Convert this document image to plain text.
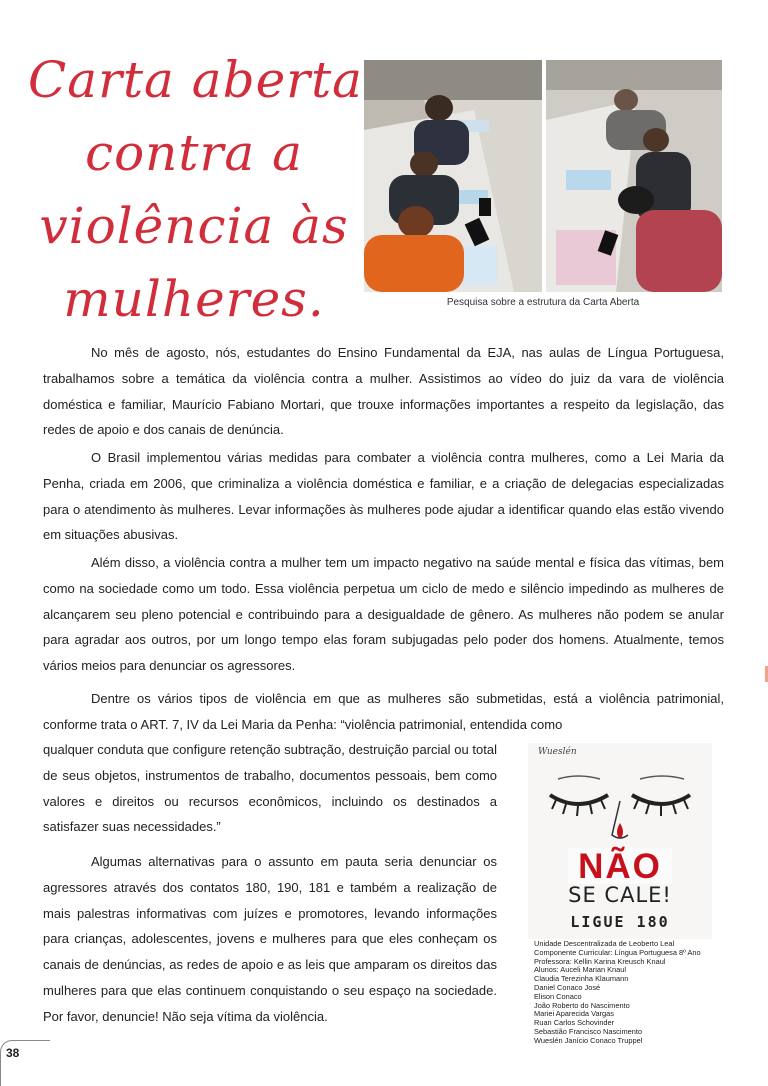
Carta aberta
contra a
violência às
mulheres.	Pesquisa sobre a estrutura da Carta Aberta

No mês de agosto, nós, estudantes do Ensino Fundamental da EJA, nas aulas de Língua Portuguesa, trabalhamos sobre a temática da violência contra a mulher. Assistimos ao vídeo do juiz da vara de violência doméstica e familiar, Maurício Fabiano Mortari, que trouxe informações importantes a respeito da legislação, das redes de apoio e dos canais de denúncia.

O Brasil implementou várias medidas para combater a violência contra mulheres, como a Lei Maria da Penha, criada em 2006, que criminaliza a violência doméstica e familiar, e a criação de delegacias especializadas para o atendimento às mulheres. Levar informações às mulheres pode ajudar a identificar quando elas estão vivendo em situações abusivas.

Além disso, a violência contra a mulher tem um impacto negativo na saúde mental e física das vítimas, bem como na sociedade como um todo. Essa violência perpetua um ciclo de medo e silêncio impedindo as mulheres de alcançarem seu pleno potencial e contribuindo para a desigualdade de gênero. As mulheres não podem se anular para agradar aos outros, por um longo tempo elas foram subjugadas pelo poder dos homens. Atualmente, temos vários meios para denunciar os agressores.

Dentre os vários tipos de violência em que as mulheres são submetidas, está a violência patrimonial, conforme trata o ART. 7, IV da Lei Maria da Penha: “violência patrimonial, entendida como

qualquer conduta que configure retenção subtração, destruição parcial ou total de seus objetos, instrumentos de trabalho, documentos pessoais, bem como valores e direitos ou recursos econômicos, incluindo os destinados a satisfazer suas necessidades.”

Algumas alternativas para o assunto em pauta seria denunciar os agressores através dos contatos 180, 190, 181 e também a realização de mais palestras informativas com juízes e promotores, levando informações para crianças, adolescentes, jovens e mulheres para que eles conheçam os canais de denúncias, as redes de apoio e as leis que amparam os direitos das mulheres para que elas continuem conquistando o seu espaço na sociedade. Por favor, denuncie! Não seja vítima da violência.

Wueslén
NÃO
SE CALE!
LIGUE 180
Unidade Descentralizada de Leoberto Leal
Componente Curricular: Língua Portuguesa 8º Ano
Professora: Kellin Karina Kreusch Knaul
Alunos: Auceli Marian Knaul
Claudia Terezinha Klaumann
Daniel Conaco José
Elison Conaco
João Roberto do Nascimento
Mariei Aparecida Vargas
Ruan Carlos Schovinder
Sebastião Francisco Nascimento
Wueslén Janício Conaco Truppel
38
